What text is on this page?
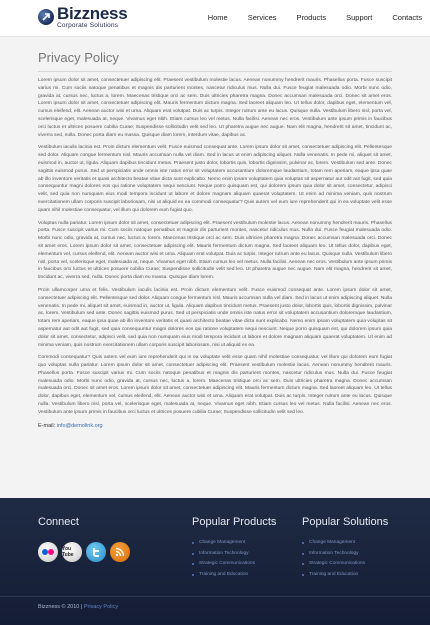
Bizzness
Corporate Solutions
Home	Services	Products	Support	Contacts
Privacy Policy

Lorem ipsum dolor sit amet, consectetuer adipiscing elit. Praesent vestibulum molestie lacus. Aenean nonummy hendrerit mauris. Phasellus porta. Fusce suscipit varius mi. Cum sociis natoque penatibus et magnis dis parturient montes, nascetur ridiculus mus. Nulla dui. Fusce feugiat malesuada odio. Morbi nunc odio, gravida at, cursus nec, luctus a, lorem. Maecenas tristique orci ac sem. Duis ultricies pharetra magna. Donec accumsan malesuada orci. Donec sit amet eros. Lorem ipsum dolor sit amet, consectetuer adipiscing elit. Mauris fermentum dictum magna. Sed laoreet aliquam leo. Ut tellus dolor, dapibus eget, elementum vel, cursus eleifend, elit. Aenean auctor wisi et urna. Aliquam erat volutpat. Duis ac turpis. Integer rutrum ante eu lacus. Quisque nulla. Vestibulum libero nisl, porta vel, scelerisque eget, malesuada at, neque. Vivamus eget nibh. Etiam cursus leo vel metus. Nulla facilisi. Aenean nec eros. Vestibulum ante ipsum primis in faucibus orci luctus et ultrices posuere cubilia Curae; Suspendisse sollicitudin velit sed leo. Ut pharetra augue nec augue. Nam elit magna, hendrerit sit amet, tincidunt ac, viverra sed, nulla. Donec porta diam eu massa. Quisque diam lorem, interdum vitae, dapibus ac.

Vestibulum iaculis lacinia est. Proin dictum elementum velit. Fusce euismod consequat ante. Lorem ipsum dolor sit amet, consectetuer adipiscing elit. Pellentesque sed dolor. Aliquam congue fermentum nisl. Mauris accumsan nulla vel diam. Sed in lacus ut enim adipiscing aliquet. Nulla venenatis. In pede mi, aliquet sit amet, euismod in, auctor ut, ligula. Aliquam dapibus tincidunt metus. Praesent justo dolor, lobortis quis, lobortis dignissim, pulvinar ac, lorem. Vestibulum sed ante. Donec sagittis euismod purus. Sed ut perspiciatis unde omnis iste natus error sit voluptatem accusantium doloremque laudantium, totam rem aperiam, eaque ipsa quae ab illo inventore veritatis et quasi architecto beatae vitae dicta sunt explicabo. Nemo enim ipsam voluptatem quia voluptas sit aspernatur aut odit aut fugit, sed quia consequuntur magni dolores eos qui ratione voluptatem sequi nesciunt. Neque porro quisquam est, qui dolorem ipsum quia dolor sit amet, consectetur, adipisci velit, sed quia non numquam eius modi tempora incidunt ut labore et dolore magnam aliquam quaerat voluptatem. Ut enim ad minima veniam, quis nostrum exercitationem ullam corporis suscipit laboriosam, nisi ut aliquid ex ea commodi consequatur? Quis autem vel eum iure reprehenderit qui in ea voluptate velit esse quam nihil molestiae consequatur, vel illum qui dolorem eum fugiat quo.

Voluptas nulla pariatur. Lorem ipsum dolor sit amet, consectetuer adipiscing elit. Praesent vestibulum molestie lacus. Aenean nonummy hendrerit mauris. Phasellus porta. Fusce suscipit varius mi. Cum sociis natoque penatibus et magnis dis parturient montes, nascetur ridiculus mus. Nulla dui. Fusce feugiat malesuada odio. Morbi nunc odio, gravida at, cursus nec, luctus a, lorem. Maecenas tristique orci ac sem. Duis ultricies pharetra magna. Donec accumsan malesuada orci. Donec sit amet eros. Lorem ipsum dolor sit amet, consectetuer adipiscing elit. Mauris fermentum dictum magna. Sed laoreet aliquam leo. Ut tellus dolor, dapibus eget, elementum vel, cursus eleifend, elit. Aenean auctor wisi et urna. Aliquam erat volutpat. Duis ac turpis. Integer rutrum ante eu lacus. Quisque nulla. Vestibulum libero nisl, porta vel, scelerisque eget, malesuada at, neque. Vivamus eget nibh. Etiam cursus leo vel metus. Nulla facilisi. Aenean nec eros. Vestibulum ante ipsum primis in faucibus orci luctus et ultrices posuere cubilia Curae; Suspendisse sollicitudin velit sed leo. Ut pharetra augue nec augue. Nam elit magna, hendrerit sit amet, tincidunt ac, viverra sed, nulla. Donec porta diam eu massa. Quisque diam lorem.

Proin ullamcorper urna et felis. Vestibulum iaculis lacinia est. Proin dictum elementum velit. Fusce euismod consequat ante. Lorem ipsum dolor sit amet, consectetuer adipiscing elit. Pellentesque sed dolor. Aliquam congue fermentum nisl. Mauris accumsan nulla vel diam. Sed in lacus ut enim adipiscing aliquet. Nulla venenatis. In pede mi, aliquet sit amet, euismod in, auctor ut, ligula. Aliquam dapibus tincidunt metus. Praesent justo dolor, lobortis quis, lobortis dignissim, pulvinar ac, lorem. Vestibulum sed ante. Donec sagittis euismod purus. Sed ut perspiciatis unde omnis iste natus error sit voluptatem accusantium doloremque laudantium, totam rem aperiam, eaque ipsa quae ab illo inventore veritatis et quasi architecto beatae vitae dicta sunt explicabo. Nemo enim ipsam voluptatem quia voluptas sit aspernatur aut odit aut fugit, sed quia consequuntur magni dolores eos qui ratione voluptatem sequi nesciunt. Neque porro quisquam est, qui dolorem ipsum quia dolor sit amet, consectetur, adipisci velit, sed quia non numquam eius modi tempora incidunt ut labore et dolore magnam aliquam quaerat voluptatem. Ut enim ad minima veniam, quis nostrum exercitationem ullam corporis suscipit laboriosam, nisi ut aliquid ex ea.

Commodi consequatur? Quis autem vel eum iure reprehenderit qui in ea voluptate velit esse quam nihil molestiae consequatur, vel illum qui dolorem eum fugiat quo voluptas nulla pariatur. Lorem ipsum dolor sit amet, consectetuer adipiscing elit. Praesent vestibulum molestie lacus. Aenean nonummy hendrerit mauris. Phasellus porta. Fusce suscipit varius mi. Cum sociis natoque penatibus et magnis dis parturient montes, nascetur ridiculus mus. Nulla dui. Fusce feugiat malesuada odio. Morbi nunc odio, gravida at, cursus nec, luctus a, lorem. Maecenas tristique orci ac sem. Duis ultricies pharetra magna. Donec accumsan malesuada orci. Donec sit amet eros. Lorem ipsum dolor sit amet, consectetuer adipiscing elit. Mauris fermentum dictum magna. Sed laoreet aliquam leo. Ut tellus dolor, dapibus eget, elementum vel, cursus eleifend, elit. Aenean auctor wisi et urna. Aliquam erat volutpat. Duis ac turpis. Integer rutrum ante eu lacus. Quisque nulla. Vestibulum libero nisl, porta vel, scelerisque eget, malesuada at, neque. Vivamus eget nibh. Etiam cursus leo vel metus. Nulla facilisi. Aenean nec eros. Vestibulum ante ipsum primis in faucibus orci luctus et ultrices posuere cubilia Curae; Suspendisse sollicitudin velit sed leo.

E-mail: info@demolink.org
Connect
You Tube
Popular Products
Change Management
Information Technology
Strategic Communications
Training and Education
Popular Solutions
Change Management
Information Technology
Strategic Communications
Training and Education
Bizzness © 2010 | Privacy Policy
